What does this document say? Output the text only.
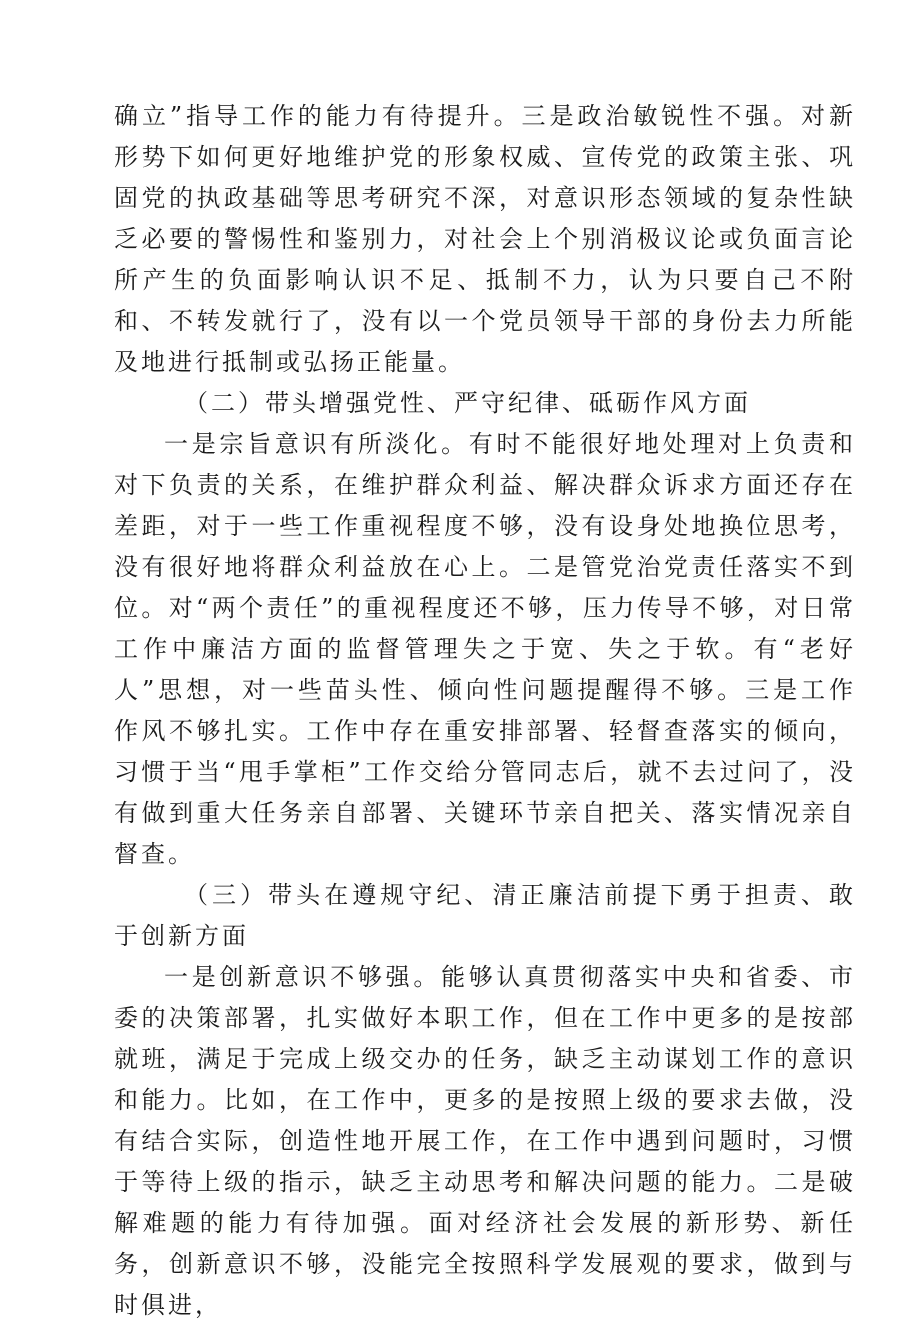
确立”指导工作的能力有待提升。三是政治敏锐性不强。对新形势下如何更好地维护党的形象权威、宣传党的政策主张、巩固党的执政基础等思考研究不深，对意识形态领域的复杂性缺乏必要的警惕性和鉴别力，对社会上个别消极议论或负面言论所产生的负面影响认识不足、抵制不力，认为只要自己不附和、不转发就行了，没有以一个党员领导干部的身份去力所能及地进行抵制或弘扬正能量。

（二）带头增强党性、严守纪律、砥砺作风方面

一是宗旨意识有所淡化。有时不能很好地处理对上负责和对下负责的关系，在维护群众利益、解决群众诉求方面还存在差距，对于一些工作重视程度不够，没有设身处地换位思考，没有很好地将群众利益放在心上。二是管党治党责任落实不到位。对“两个责任”的重视程度还不够，压力传导不够，对日常工作中廉洁方面的监督管理失之于宽、失之于软。有“老好人”思想，对一些苗头性、倾向性问题提醒得不够。三是工作作风不够扎实。工作中存在重安排部署、轻督查落实的倾向，习惯于当“甩手掌柜”工作交给分管同志后，就不去过问了，没有做到重大任务亲自部署、关键环节亲自把关、落实情况亲自督查。

（三）带头在遵规守纪、清正廉洁前提下勇于担责、敢于创新方面

一是创新意识不够强。能够认真贯彻落实中央和省委、市委的决策部署，扎实做好本职工作，但在工作中更多的是按部就班，满足于完成上级交办的任务，缺乏主动谋划工作的意识和能力。比如，在工作中，更多的是按照上级的要求去做，没有结合实际，创造性地开展工作，在工作中遇到问题时，习惯于等待上级的指示，缺乏主动思考和解决问题的能力。二是破解难题的能力有待加强。面对经济社会发展的新形势、新任务，创新意识不够，没能完全按照科学发展观的要求，做到与时俱进，
